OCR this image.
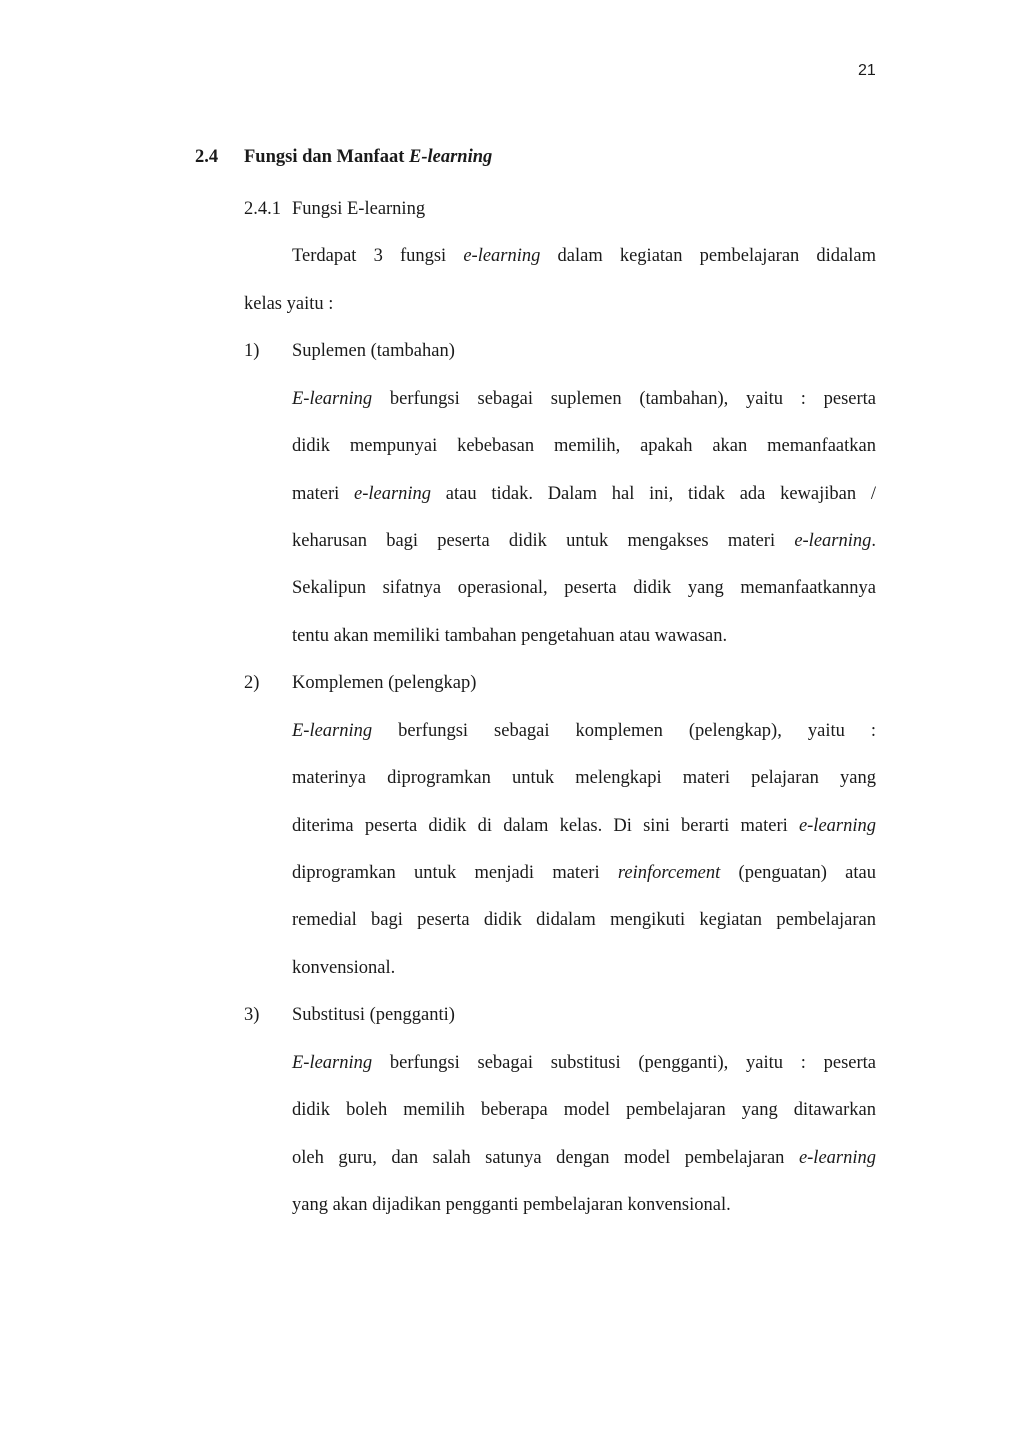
21
2.4 Fungsi dan Manfaat E-learning
2.4.1 Fungsi E-learning
Terdapat 3 fungsi e-learning dalam kegiatan pembelajaran didalam
kelas yaitu :
1) Suplemen (tambahan)
E-learning berfungsi sebagai suplemen (tambahan), yaitu : peserta
didik mempunyai kebebasan memilih, apakah akan memanfaatkan
materi e-learning atau tidak. Dalam hal ini, tidak ada kewajiban /
keharusan bagi peserta didik untuk mengakses materi e-learning.
Sekalipun sifatnya operasional, peserta didik yang memanfaatkannya
tentu akan memiliki tambahan pengetahuan atau wawasan.
2) Komplemen (pelengkap)
E-learning berfungsi sebagai komplemen (pelengkap), yaitu :
materinya diprogramkan untuk melengkapi materi pelajaran yang
diterima peserta didik di dalam kelas. Di sini berarti materi e-learning
diprogramkan untuk menjadi materi reinforcement (penguatan) atau
remedial bagi peserta didik didalam mengikuti kegiatan pembelajaran
konvensional.
3) Substitusi (pengganti)
E-learning berfungsi sebagai substitusi (pengganti), yaitu : peserta
didik boleh memilih beberapa model pembelajaran yang ditawarkan
oleh guru, dan salah satunya dengan model pembelajaran e-learning
yang akan dijadikan pengganti pembelajaran konvensional.
